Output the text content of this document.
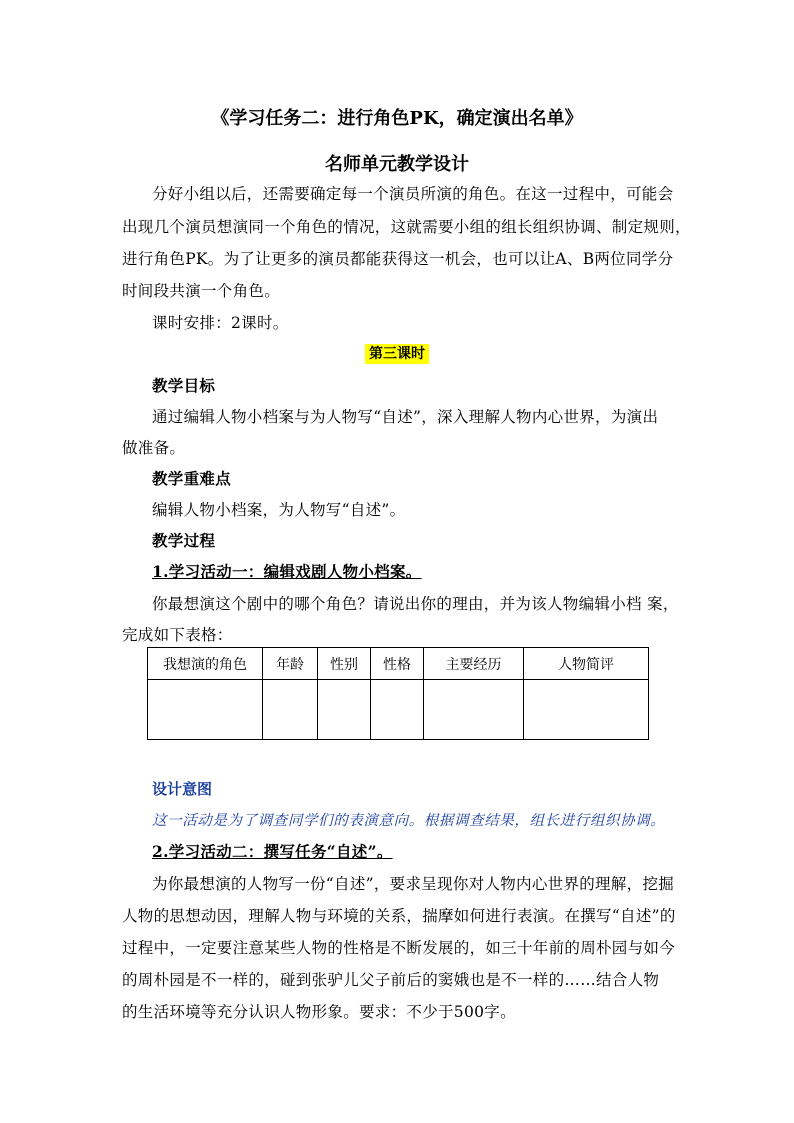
《学习任务二：进行角色PK，确定演出名单》
名师单元教学设计
分好小组以后，还需要确定每一个演员所演的角色。在这一过程中，可能会
出现几个演员想演同一个角色的情况，这就需要小组的组长组织协调、制定规则，
进行角色PK。为了让更多的演员都能获得这一机会，也可以让A、B两位同学分
时间段共演一个角色。
课时安排：2课时。
第三课时
教学目标
通过编辑人物小档案与为人物写“自述”，深入理解人物内心世界，为演出
做准备。
教学重难点
编辑人物小档案，为人物写“自述”。
教学过程
1.学习活动一：编辑戏剧人物小档案。
你最想演这个剧中的哪个角色？请说出你的理由，并为该人物编辑小档 案，
完成如下表格：
我想演的角色	年龄	性别	性格	主要经历	人物简评

设计意图
这一活动是为了调查同学们的表演意向。根据调查结果，组长进行组织协调。
2.学习活动二：撰写任务“自述”。
为你最想演的人物写一份“自述”，要求呈现你对人物内心世界的理解，挖掘
人物的思想动因，理解人物与环境的关系，揣摩如何进行表演。在撰写“自述”的
过程中，一定要注意某些人物的性格是不断发展的，如三十年前的周朴园与如今
的周朴园是不一样的，碰到张驴儿父子前后的窦娥也是不一样的……结合人物
的生活环境等充分认识人物形象。要求：不少于500字。
